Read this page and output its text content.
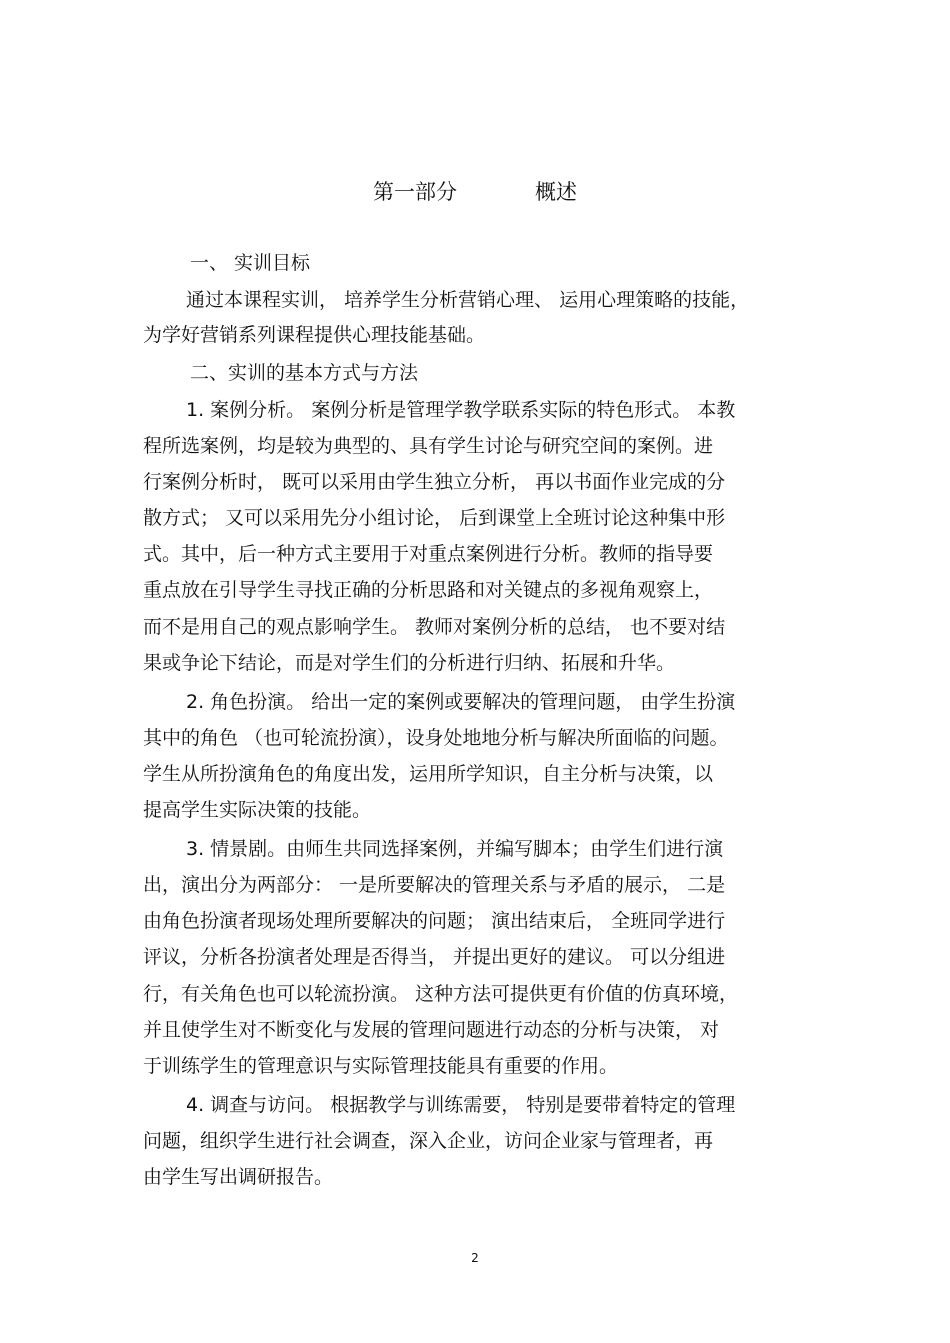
第一部分	概述
一、 实训目标
通过本课程实训， 培养学生分析营销心理、 运用心理策略的技能，
为学好营销系列课程提供心理技能基础。
二、实训的基本方式与方法
1. 案例分析。 案例分析是管理学教学联系实际的特色形式。 本教
程所选案例，均是较为典型的、具有学生讨论与研究空间的案例。进
行案例分析时， 既可以采用由学生独立分析， 再以书面作业完成的分
散方式； 又可以采用先分小组讨论， 后到课堂上全班讨论这种集中形
式。其中，后一种方式主要用于对重点案例进行分析。教师的指导要
重点放在引导学生寻找正确的分析思路和对关键点的多视角观察上，
而不是用自己的观点影响学生。 教师对案例分析的总结， 也不要对结
果或争论下结论，而是对学生们的分析进行归纳、拓展和升华。
2. 角色扮演。 给出一定的案例或要解决的管理问题， 由学生扮演
其中的角色 （也可轮流扮演），设身处地地分析与解决所面临的问题。
学生从所扮演角色的角度出发，运用所学知识，自主分析与决策，以
提高学生实际决策的技能。
3. 情景剧。由师生共同选择案例，并编写脚本；由学生们进行演
出，演出分为两部分： 一是所要解决的管理关系与矛盾的展示， 二是
由角色扮演者现场处理所要解决的问题； 演出结束后， 全班同学进行
评议，分析各扮演者处理是否得当， 并提出更好的建议。 可以分组进
行，有关角色也可以轮流扮演。 这种方法可提供更有价值的仿真环境，
并且使学生对不断变化与发展的管理问题进行动态的分析与决策， 对
于训练学生的管理意识与实际管理技能具有重要的作用。
4. 调查与访问。 根据教学与训练需要， 特别是要带着特定的管理
问题，组织学生进行社会调查，深入企业，访问企业家与管理者，再
由学生写出调研报告。
2
